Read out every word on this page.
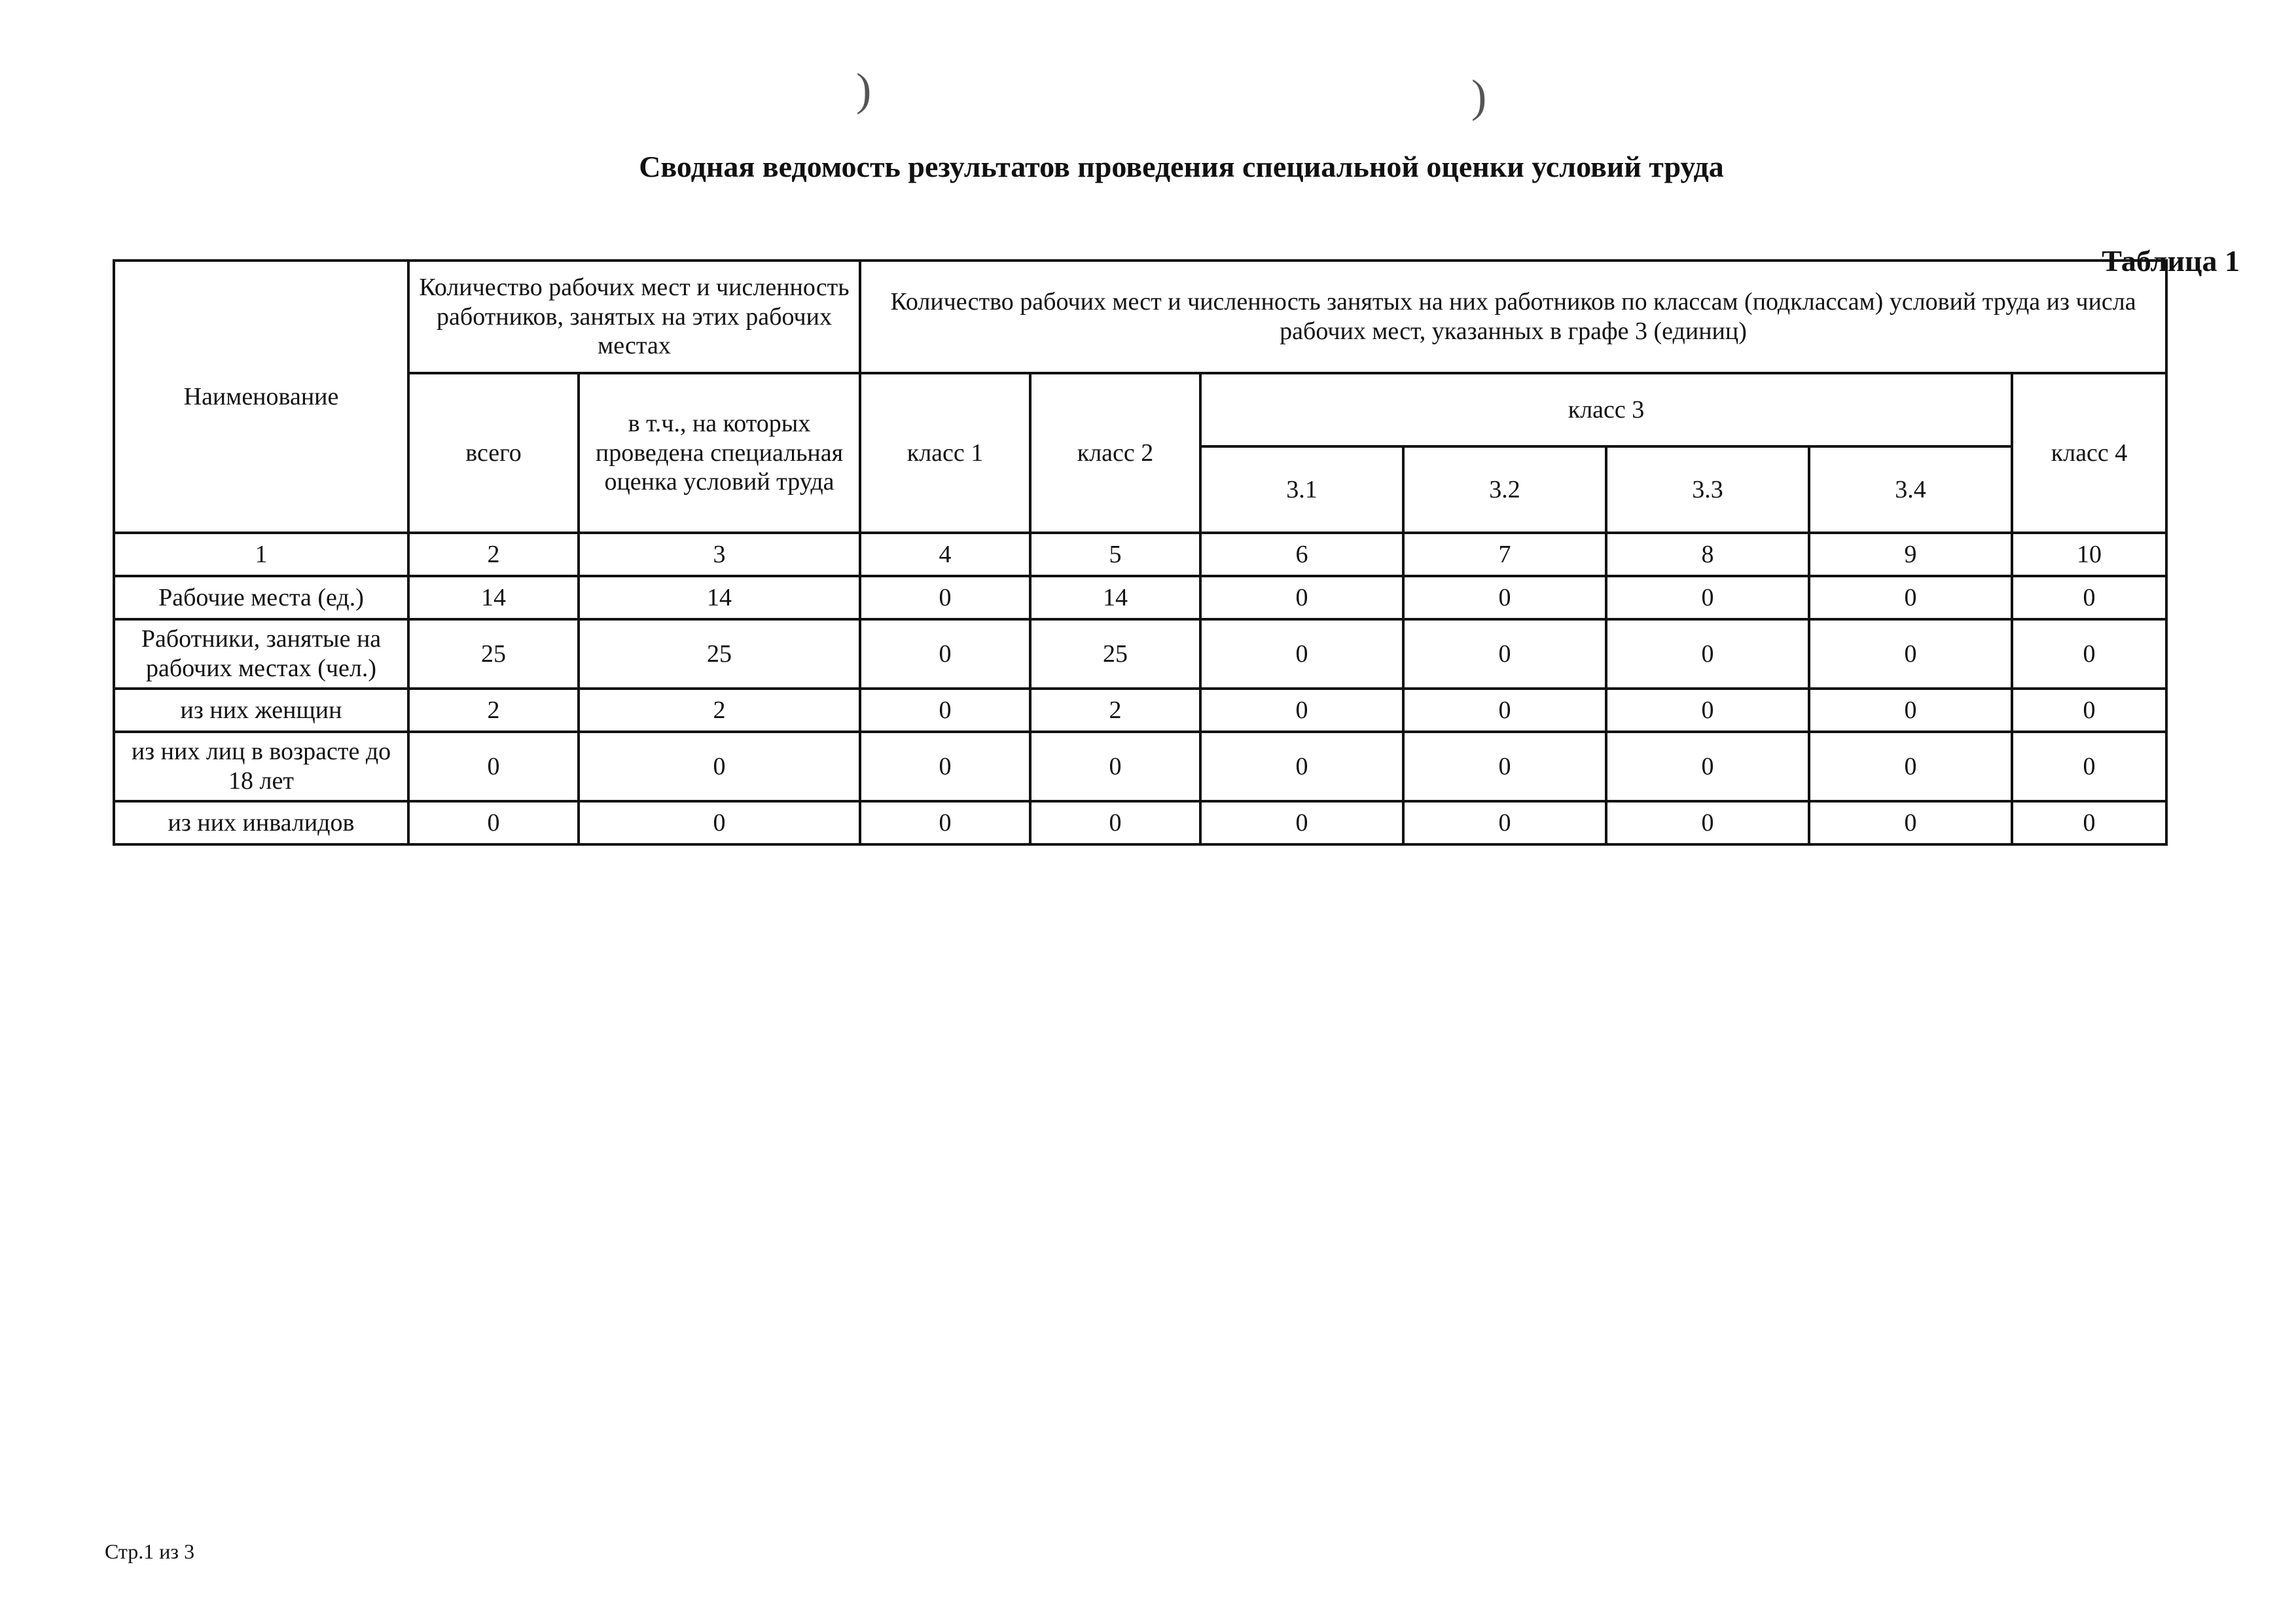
)	)
Сводная ведомость результатов проведения специальной оценки условий труда
Таблица 1
Наименование	Количество рабочих мест и численность работников, занятых на этих рабочих местах		Количество рабочих мест и численность занятых на них работников по классам (подклассам) условий труда из числа рабочих мест, указанных в графе 3 (единиц)						
	всего	в т.ч., на которых проведена специальная оценка условий труда	класс 1	класс 2	класс 3				класс 4
					3.1	3.2	3.3	3.4	
1	2	3	4	5	6	7	8	9	10
Рабочие места (ед.)	14	14	0	14	0	0	0	0	0
Работники, занятые на рабочих местах (чел.)	25	25	0	25	0	0	0	0	0
из них женщин	2	2	0	2	0	0	0	0	0
из них лиц в возрасте до 18 лет	0	0	0	0	0	0	0	0	0
из них инвалидов	0	0	0	0	0	0	0	0	0
Стр.1 из 3
